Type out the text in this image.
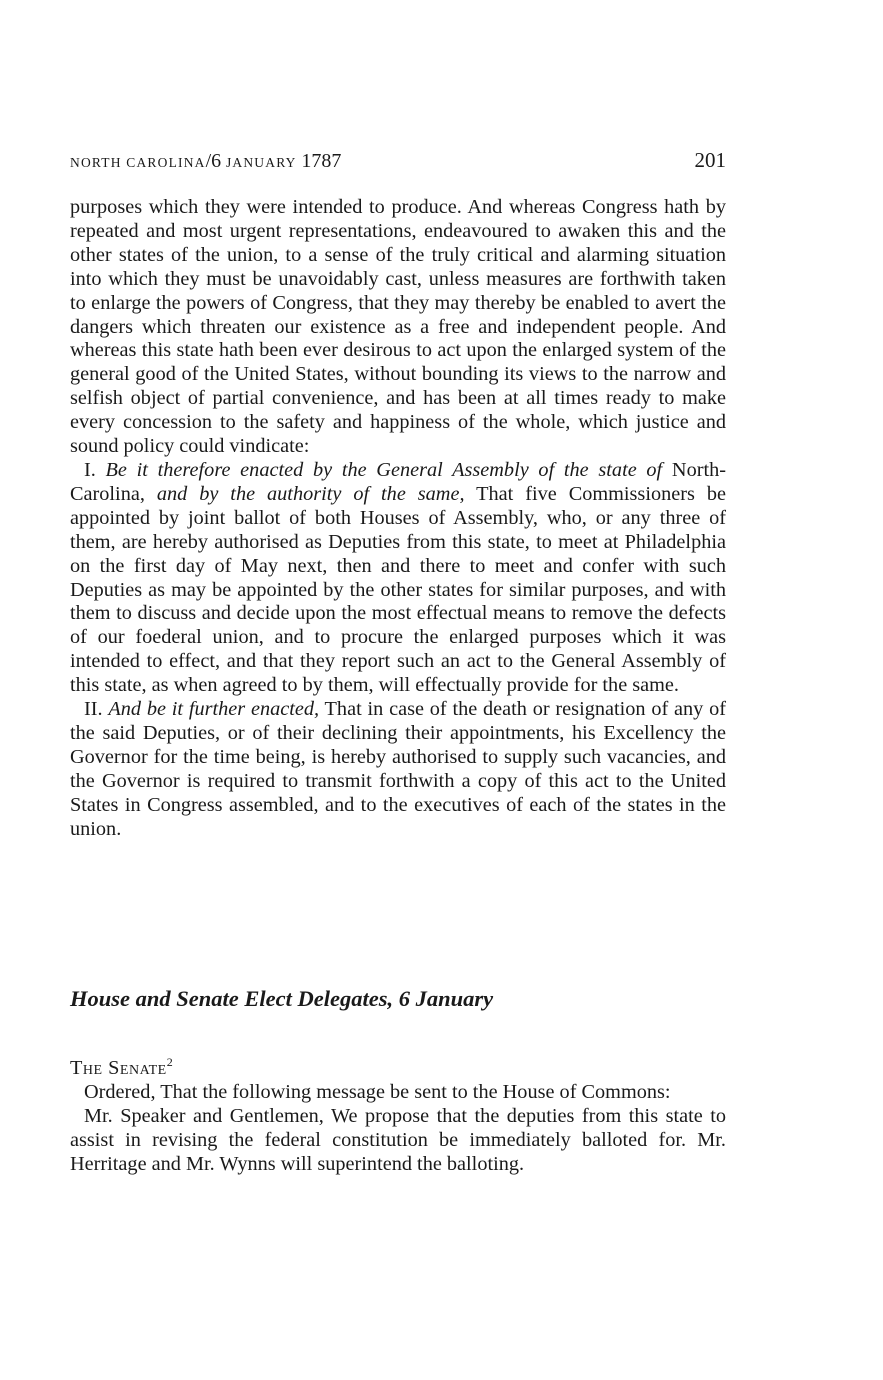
NORTH CAROLINA/6 JANUARY 1787	201

purposes which they were intended to produce. And whereas Congress hath by repeated and most urgent representations, endeavoured to awaken this and the other states of the union, to a sense of the truly critical and alarming situation into which they must be unavoidably cast, unless measures are forthwith taken to enlarge the powers of Congress, that they may thereby be enabled to avert the dangers which threaten our existence as a free and independent people. And whereas this state hath been ever desirous to act upon the enlarged system of the general good of the United States, without bounding its views to the narrow and selfish object of partial convenience, and has been at all times ready to make every concession to the safety and happiness of the whole, which justice and sound policy could vindicate:

I. Be it therefore enacted by the General Assembly of the state of North-Carolina, and by the authority of the same, That five Commissioners be appointed by joint ballot of both Houses of Assembly, who, or any three of them, are hereby authorised as Deputies from this state, to meet at Philadelphia on the first day of May next, then and there to meet and confer with such Deputies as may be appointed by the other states for similar purposes, and with them to discuss and decide upon the most effectual means to remove the defects of our foederal union, and to procure the enlarged purposes which it was intended to effect, and that they report such an act to the General Assembly of this state, as when agreed to by them, will effectually provide for the same.

II. And be it further enacted, That in case of the death or resignation of any of the said Deputies, or of their declining their appointments, his Excellency the Governor for the time being, is hereby authorised to supply such vacancies, and the Governor is required to transmit forthwith a copy of this act to the United States in Congress assembled, and to the executives of each of the states in the union.

House and Senate Elect Delegates, 6 January

The Senate$^2$

Ordered, That the following message be sent to the House of Commons:

Mr. Speaker and Gentlemen, We propose that the deputies from this state to assist in revising the federal constitution be immediately balloted for. Mr. Herritage and Mr. Wynns will superintend the balloting.
